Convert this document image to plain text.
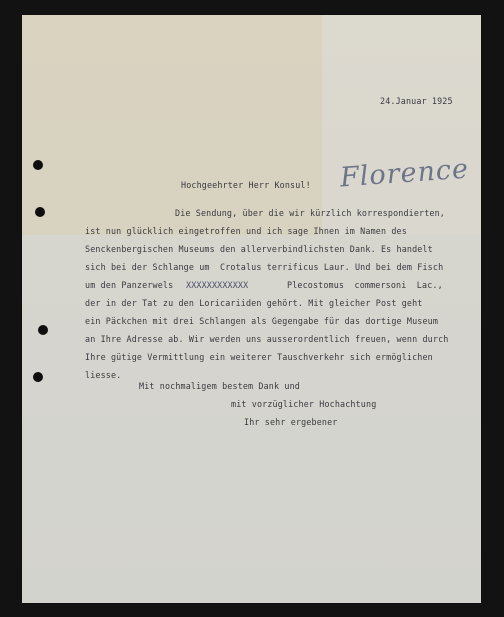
24.Januar 1925
Hochgeehrter Herr Konsul! Florence
Die Sendung, über die wir kürzlich korrespondierten,
ist nun glücklich eingetroffen und ich sage Ihnen im Namen des
Senckenbergischen Museums den allerverbindlichsten Dank. Es handelt
sich bei der Schlange um  Crotalus terrificus Laur. Und bei dem Fisch
um den Panzerwels XXXXXXXXXXXX	Plecostomus  commersoni  Lac.,
der in der Tat zu den Loricariiden gehört. Mit gleicher Post geht
ein Päckchen mit drei Schlangen als Gegengabe für das dortige Museum
an Ihre Adresse ab. Wir werden uns ausserordentlich freuen, wenn durch
Ihre gütige Vermittlung ein weiterer Tauschverkehr sich ermöglichen
liesse.
Mit nochmaligem bestem Dank und
mit vorzüglicher Hochachtung
Ihr sehr ergebener
